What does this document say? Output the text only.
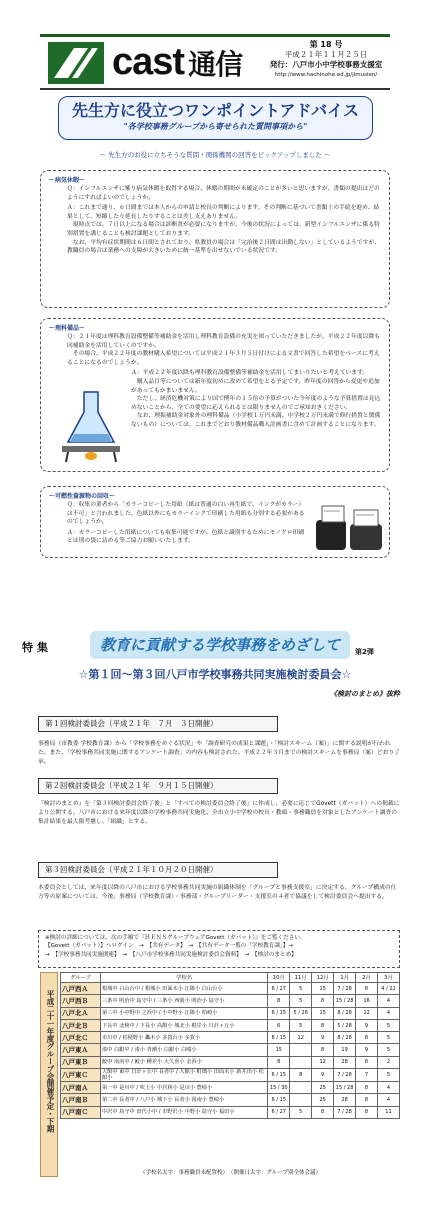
cast 通信
第 18 号
平成２１年１１月２５日
発行：八戸市小中学校事務支援室
http://www.hachinohe.ed.jp/jimusien/
先生方に役立つワンポイントアドバイス
"各学校事務グループから寄せられた質問事項から"
～ 先生方のお役に立ちそうな質問・関係機関の回答をピックアップしました ～
～病気休暇～

Ｑ：インフルエンザに罹り病気休暇を取得する場合、休暇の期間が未確定のことが多いと思いますが、書類の提出はどのようにすればよいのでしょうか。

Ａ：これまで通り、６日間までは本人からの申請と校長の判断によります。その判断に基づいて書類上の手続を進め、結果として、短縮したり延長したりすることは差し支えありません。

　現時点では、７日以上になる場合は診断書が必要になりますが、今後の状況によっては、新型インフルエンザに係る特別措置を講じることも検討課題としております。

　なお、平均有症状期間は６日間とされており、県教員の場合は「完治後２日間は出勤しない」としているようですが、教職員の場合は業務への支障が大きいために統一基準を出せないでいる状況です。

～理科備品～

Ｑ：２１年度は理科教育設備整備等補助金を活用し理科教育設備の充実を図っていただきましたが、平成２２年度以降も同補助金を活用していくのですか。

　その場合、平成２２年度の教材購入希望については平成２１年３月５日付けによる文書で回答した希望をベースに考えることになるのでしょうか。

Ａ：平成２２年度以降も理科教育設備整備等補助金を活用してまいりたいと考えています。

　購入品目等については新年度初めに改めて希望をとる予定です。昨年度の回答から変更や追加があってもかまいません。

　ただし、経済危機対策により国で例年の１５倍の予算がついた今年度のような予算措置は見込めないことから、全ての要望に応えられるとは限りませんのでご承知おきください。

　なお、理振補助金対象外の理科備品（小学校１万円未満、中学校２万円未満で修行措置と関係ないもの）については、これまでどおり教材備品購入計画書に含めて計画することになります。

～可燃性資源物の回収～

Ｑ：収集の業者から「カラーコピーした用紙（紙は普通の白い再生紙で、インクがカラー）は不可」と言われました。色紙以外にもカラーインクで印刷した用紙も分別する必要があるのでしょうか。

Ａ：カラーコピーした用紙についても収集可能ですが、色紙と識別するためにモノクロ印刷とは別の袋に詰める等ご協力お願いいたします。

特 集	教育に貢献する学校事務をめざして	第2弾
☆第１回～第３回八戸市学校事務共同実施検討委員会☆
《検討のまとめ》抜粋
第１回検討委員会（平成２１年　７月　３日開催）
事務局（市教委 学校教育課）から「学校事務をめぐる状況」や「調査研究の成果と課題」・「検討スキーム（案）」に関する説明が行われた。また、「学校事務共同実施に関するアンケート調査」の内容も検討された。平成２２年３月までの検討スキームを事務局（案）どおり了承。
第２回検討委員会（平成２１年　９月１５日開催）
『検討のまとめ』を「第３回検討委員会終了後」と「すべての検討委員会終了後」に作成し、必要に応じてGovett（ガバット）への掲載により公開する。八戸市における来年度以降の学校事務共同実施化、全市立小中学校の校長・教頭・事務職員を対象としたアンケート調査の集計結果を最大限考慮し、「組織」とする。
第３回検討委員会（平成２１年１０月２０日開催）
本委員会としては、来年度以降の八戸市における学校事務共同実施の組織体制を「グループと事務支援室」に決定する。グループ構成の仕方等の原案については、今後、事務局（学校教育課）・事務部・グループリーダー・支援室の４者で協議をして検討委員会へ提出する。
※検討の詳細については、次の手順で『ＨＥＮＳグループウェアGovett（ガバット）』をご覧ください。
【Govett（ガバット）】ヘログイン　→　【共有データ】　→　【共有データ一覧の「学校教育課」】→
→　【学校事務共同実施関連】　→　【八戸市学校事務共同実施検討委員会資料】　→　【検討のまとめ】
平成二十一年度グループ会開催予定・下期
グループ	学校名	10月	11月	12月	1月	2月	3月
八戸西Ａ	根城中 白山台中 / 根城小 田面木小 江陽小 白山台小	6 / 27	5	15	7 / 28	8	4 / 22
八戸西Ｂ	三条中 明治中 島守中 / 三条小 西園小 明治小 島守小	8	5	8	15 / 28	16	4
八戸北Ａ	第三中 小中野中 之浜中 / 小中野小 江陽小 柏崎小	6 / 15	5 / 26	15	8 / 28	12	4
八戸北Ｂ	下長中 北稜中 / 下長小 高館小 城北小 根岸小 日計ヶ丘小	6	5	8	5 / 28	9	5
八戸北Ｃ	市川中 / 桔梗野小 轟木小 多賀台小 多賀小	8 / 15	12	9	8 / 28	8	5
八戸東Ａ	湊中 白銀中 / 湊小 青潮小 白銀小 白鴎小	15		8	19	9	5
八戸東Ｂ	鮫中 南浜中 / 鮫小 種差小 大久喜小 金浜小	8		12	28	8	2
八戸東Ｃ	大館中 東中 日計ヶ丘中 長者中 / 大館小 町畑小 田面木小 新井田小 松館小	6 / 15	8	9	7 / 28	7	5
八戸南Ａ	第一中 是川中 / 吹上小 中居林小 是川小 豊崎小	15 / 30		25	15 / 28	8	4
八戸南Ｂ	第二中 長者中 / 八戸小 城下小 長者小 図南小 豊崎小	6 / 15		25	28	8	4
八戸南Ｃ	中沢中 鳥守中 田代小中 / 市野沢小 中野小 島守小 福田小	6 / 27	5	8	7 / 28	8	11
（学校名太字：事務職員未配置校）　（開催日太字：グループ別全体会議）
